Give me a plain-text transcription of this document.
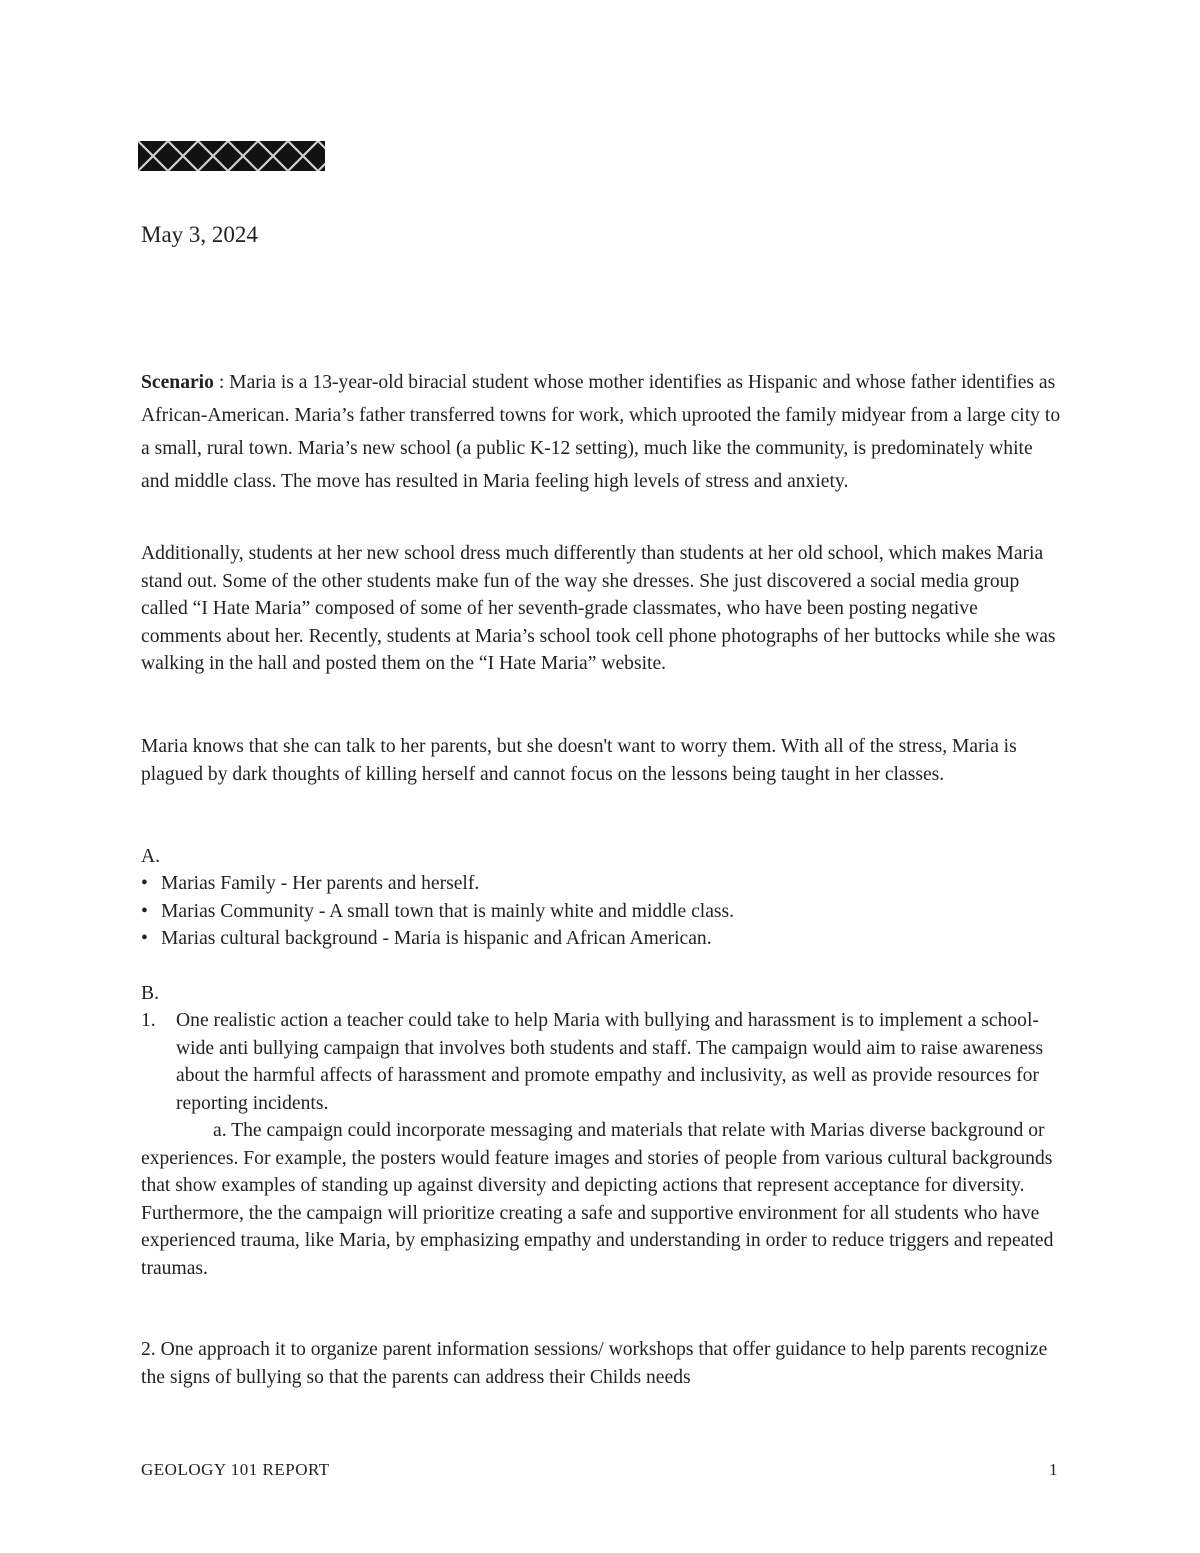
May 3, 2024

Scenario : Maria is a 13-year-old biracial student whose mother identifies as Hispanic and whose father identifies as African-American. Maria’s father transferred towns for work, which uprooted the family midyear from a large city to a small, rural town. Maria’s new school (a public K-12 setting), much like the community, is predominately white and middle class. The move has resulted in Maria feeling high levels of stress and anxiety.

Additionally, students at her new school dress much differently than students at her old school, which makes Maria stand out. Some of the other students make fun of the way she dresses. She just discovered a social media group called “I Hate Maria” composed of some of her seventh-grade classmates, who have been posting negative comments about her. Recently, students at Maria’s school took cell phone photographs of her buttocks while she was walking in the hall and posted them on the “I Hate Maria” website.

Maria knows that she can talk to her parents, but she doesn't want to worry them. With all of the stress, Maria is plagued by dark thoughts of killing herself and cannot focus on the lessons being taught in her classes.

A.
• Marias Family - Her parents and herself.
• Marias Community - A small town that is mainly white and middle class.
• Marias cultural background - Maria is hispanic and African American.
B.
1. One realistic action a teacher could take to help Maria with bullying and harassment is to implement a school-wide anti bullying campaign that involves both students and staff. The campaign would aim to raise awareness about the harmful affects of harassment and promote empathy and inclusivity, as well as provide resources for reporting incidents.

a. The campaign could incorporate messaging and materials that relate with Marias diverse background or experiences. For example, the posters would feature images and stories of people from various cultural backgrounds that show examples of standing up against diversity and depicting actions that represent acceptance for diversity. Furthermore, the the campaign will prioritize creating a safe and supportive environment for all students who have experienced trauma, like Maria, by emphasizing empathy and understanding in order to reduce triggers and repeated traumas.

2. One approach it to organize parent information sessions/ workshops that offer guidance to help parents recognize the signs of bullying so that the parents can address their Childs needs

GEOLOGY 101 REPORT	1
